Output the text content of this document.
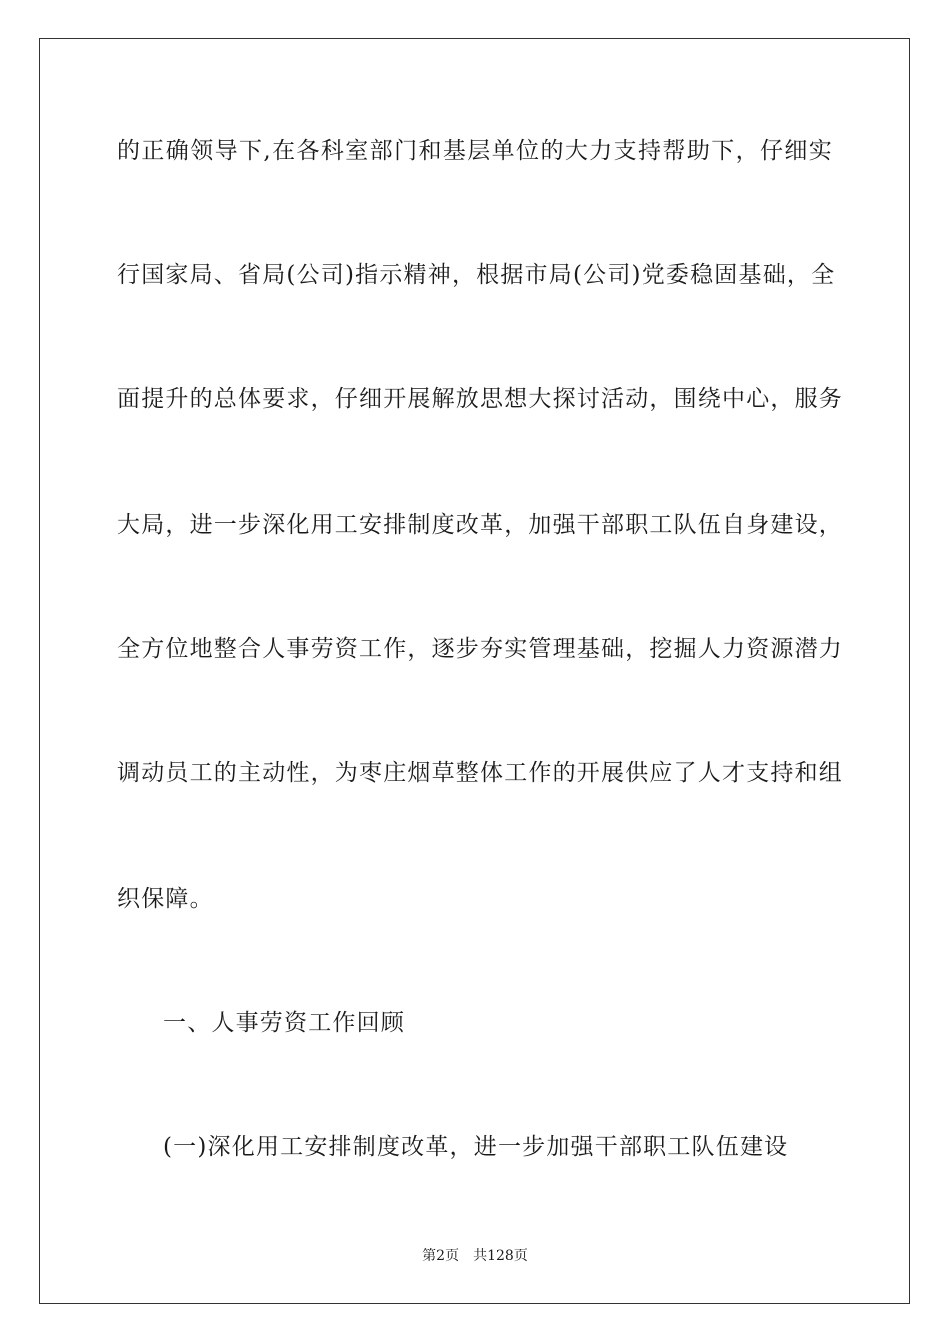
的正确领导下,在各科室部门和基层单位的大力支持帮助下，仔细实
行国家局、省局(公司)指示精神，根据市局(公司)党委稳固基础，全
面提升的总体要求，仔细开展解放思想大探讨活动，围绕中心，服务
大局，进一步深化用工安排制度改革，加强干部职工队伍自身建设，
全方位地整合人事劳资工作，逐步夯实管理基础，挖掘人力资源潜力
调动员工的主动性，为枣庄烟草整体工作的开展供应了人才支持和组
织保障。
一、人事劳资工作回顾
(一)深化用工安排制度改革，进一步加强干部职工队伍建设
第2页 共128页
